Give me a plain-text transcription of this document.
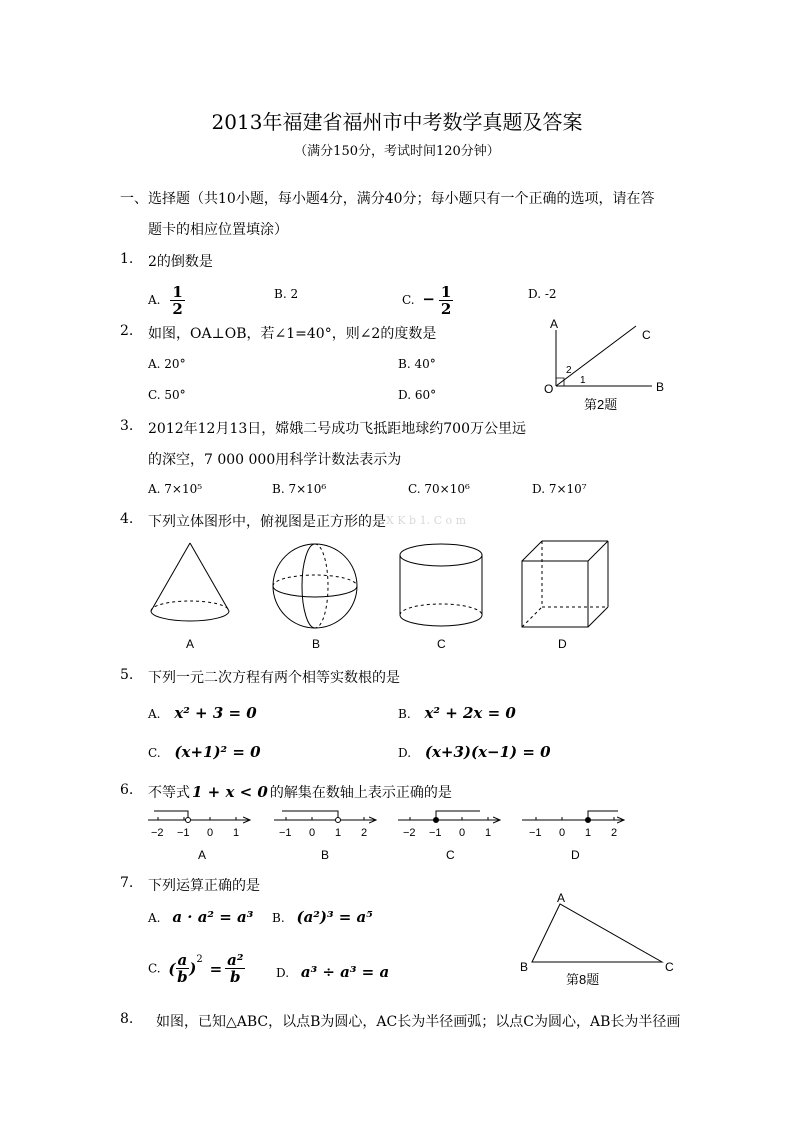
2013年福建省福州市中考数学真题及答案
（满分150分，考试时间120分钟）
一、选择题（共10小题，每小题4分，满分40分；每小题只有一个正确的选项，请在答
题卡的相应位置填涂）
1. 2的倒数是
A. $\frac{1}{2}$	B. 2	C. − $\frac{1}{2}$	D. -2
2. 如图，OA⊥OB，若∠1=40°，则∠2的度数是
A. 20°	B. 40°
C. 50°	D. 60°
A
B
C
O
1
2
第2题
3. 2012年12月13日，嫦娥二号成功飞抵距地球约700万公里远
的深空，7 000 000用科学计数法表示为
A. 7×10⁵	B. 7×10⁶	C. 70×10⁶	D. 7×10⁷
4. 下列立体图形中，俯视图是正方形的是 X K b 1. C o m
A	B	C	D
5. 下列一元二次方程有两个相等实数根的是
A. x² + 3 = 0	B. x² + 2x = 0
C. (x+1)² = 0	D. (x+3)(x−1) = 0
6. 不等式 1 + x < 0 的解集在数轴上表示正确的是
−2 −1 0 1
A
−1 0 1 2
B
−2 −1 0 1
C
−1 0 1 2
D
7. 下列运算正确的是
A. a · a² = a³ B. (a²)³ = a⁵
C. ( $\frac{a}{b} )^2 = \frac{\text{a²}}{b}$	D. a³ ÷ a³ = a
A
B	C
第8题
8. 如图，已知△ABC，以点B为圆心，AC长为半径画弧；以点C为圆心，AB长为半径画
